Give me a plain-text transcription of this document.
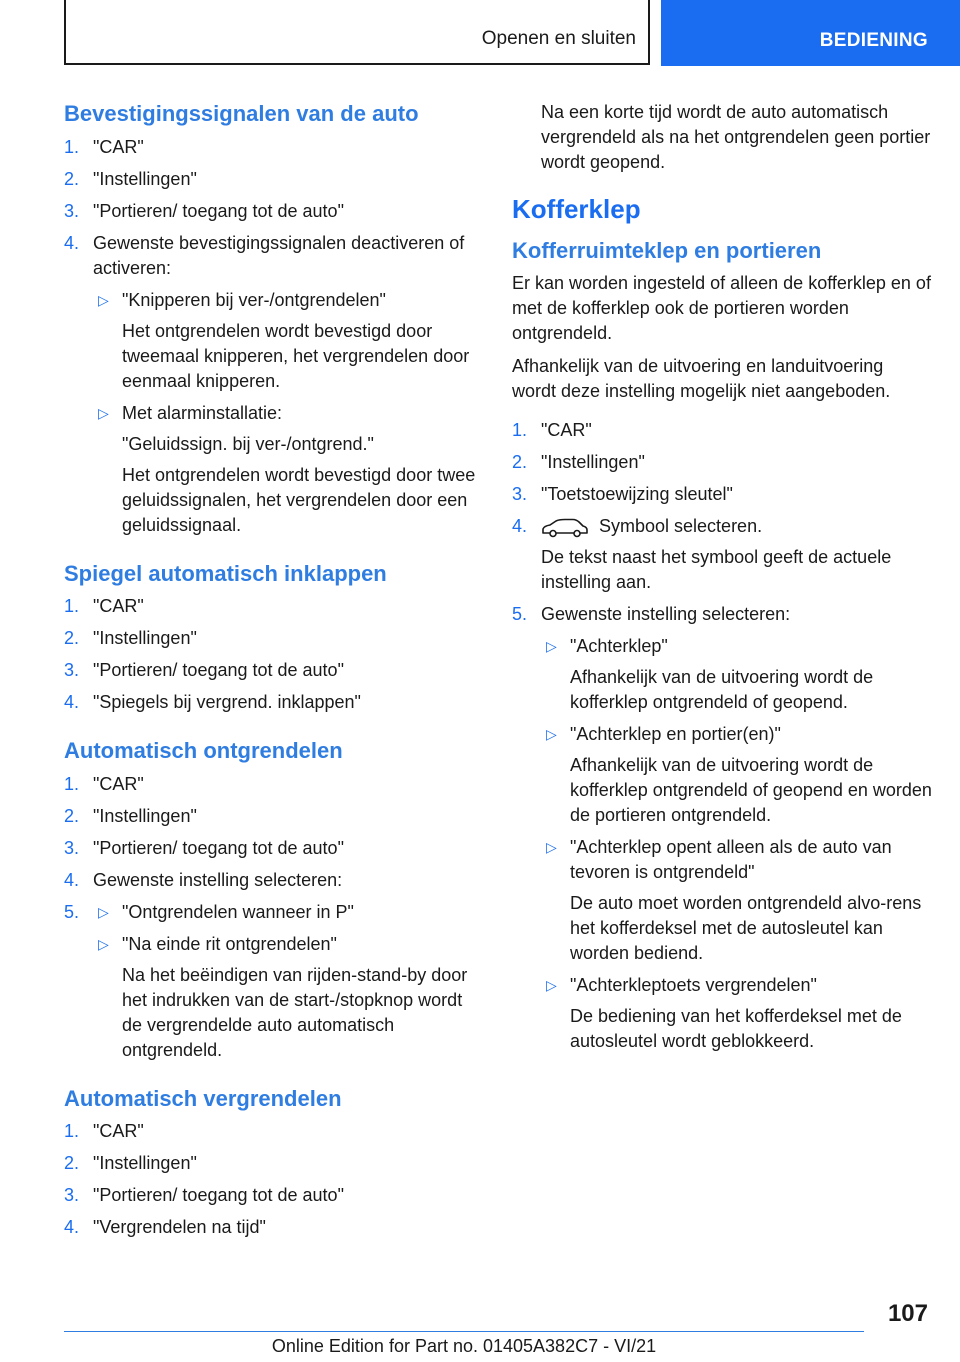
Openen en sluiten	BEDIENING
Bevestigingssignalen van de auto
1. "CAR"
2. "Instellingen"
3. "Portieren/ toegang tot de auto"
4. Gewenste bevestigingssignalen deactiveren of activeren:
▷ "Knipperen bij ver-/ontgrendelen"
Het ontgrendelen wordt bevestigd door tweemaal knipperen, het vergrendelen door eenmaal knipperen.
▷ Met alarminstallatie:
"Geluidssign. bij ver-/ontgrend."
Het ontgrendelen wordt bevestigd door twee geluidssignalen, het vergrendelen door een geluidssignaal.
Spiegel automatisch inklappen
1. "CAR"
2. "Instellingen"
3. "Portieren/ toegang tot de auto"
4. "Spiegels bij vergrend. inklappen"
Automatisch ontgrendelen
1. "CAR"
2. "Instellingen"
3. "Portieren/ toegang tot de auto"
4. Gewenste instelling selecteren:
5. ▷ "Ontgrendelen wanneer in P"
▷ "Na einde rit ontgrendelen"
Na het beëindigen van rijden-stand-by door het indrukken van de start-/stopknop wordt de vergrendelde auto automatisch ontgrendeld.
Automatisch vergrendelen
1. "CAR"
2. "Instellingen"
3. "Portieren/ toegang tot de auto"
4. "Vergrendelen na tijd"

Na een korte tijd wordt de auto automatisch vergrendeld als na het ontgrendelen geen portier wordt geopend.

Kofferklep
Kofferruimteklep en portieren

Er kan worden ingesteld of alleen de kofferklep en of met de kofferklep ook de portieren worden ontgrendeld.

Afhankelijk van de uitvoering en landuitvoering wordt deze instelling mogelijk niet aangeboden.

1. "CAR"
2. "Instellingen"
3. "Toetstoewijzing sleutel"
4.	Symbool selecteren.
De tekst naast het symbool geeft de actuele instelling aan.
5. Gewenste instelling selecteren:
▷ "Achterklep"
Afhankelijk van de uitvoering wordt de kofferklep ontgrendeld of geopend.
▷ "Achterklep en portier(en)"
Afhankelijk van de uitvoering wordt de kofferklep ontgrendeld of geopend en worden de portieren ontgrendeld.
▷ "Achterklep opent alleen als de auto van tevoren is ontgrendeld"
De auto moet worden ontgrendeld alvo-rens het kofferdeksel met de autosleutel kan worden bediend.
▷ "Achterkleptoets vergrendelen"
De bediening van het kofferdeksel met de autosleutel wordt geblokkeerd.
107
Online Edition for Part no. 01405A382C7 - VI/21
